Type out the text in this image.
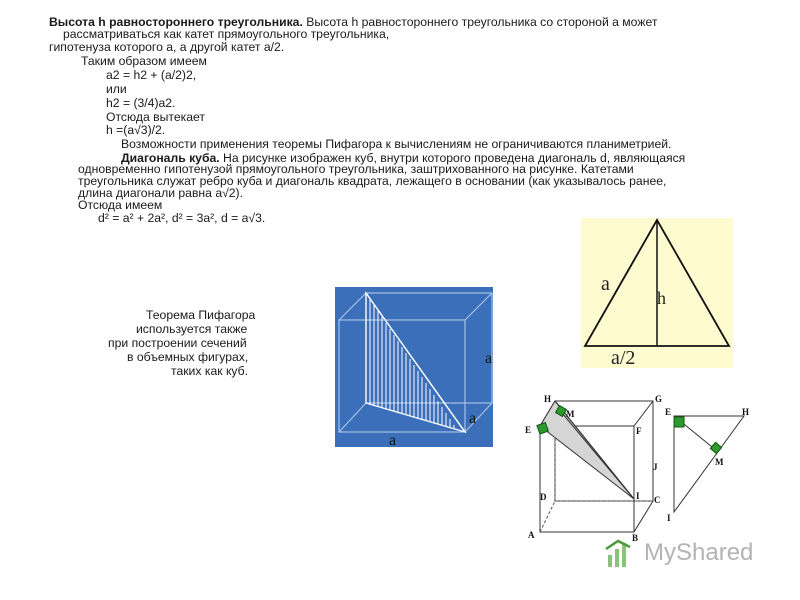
Высота h равностороннего треугольника. Высота h равностороннего треугольника со стороной a может
рассматриваться как катет прямоугольного треугольника,
гипотенуза которого a, а другой катет a/2.
Таким образом имеем
a2 = h2 + (a/2)2,
или
h2 = (3/4)a2.
Отсюда вытекает
h =(a√3)/2.
Возможности применения теоремы Пифагора к вычислениям не ограничиваются планиметрией.
Диагональ куба. На рисунке изображен куб, внутри которого проведена диагональ d, являющаяся
одновременно гипотенузой прямоугольного треугольника, заштрихованного на рисунке. Катетами
треугольника служат ребро куба и диагональ квадрата, лежащего в основании (как указывалось ранее,
длина диагонали равна a√2).
Отсюда имеем
d² = a² + 2a², d² = 3a², d = a√3.
Теорема Пифагора
используется также
при построении сечений
в объемных фигурах,
таких как куб.
a
h
a/2
a
a
a
H	G
M
E	F
J
D	C
I
A	B
E	H
M
I
MyShared
